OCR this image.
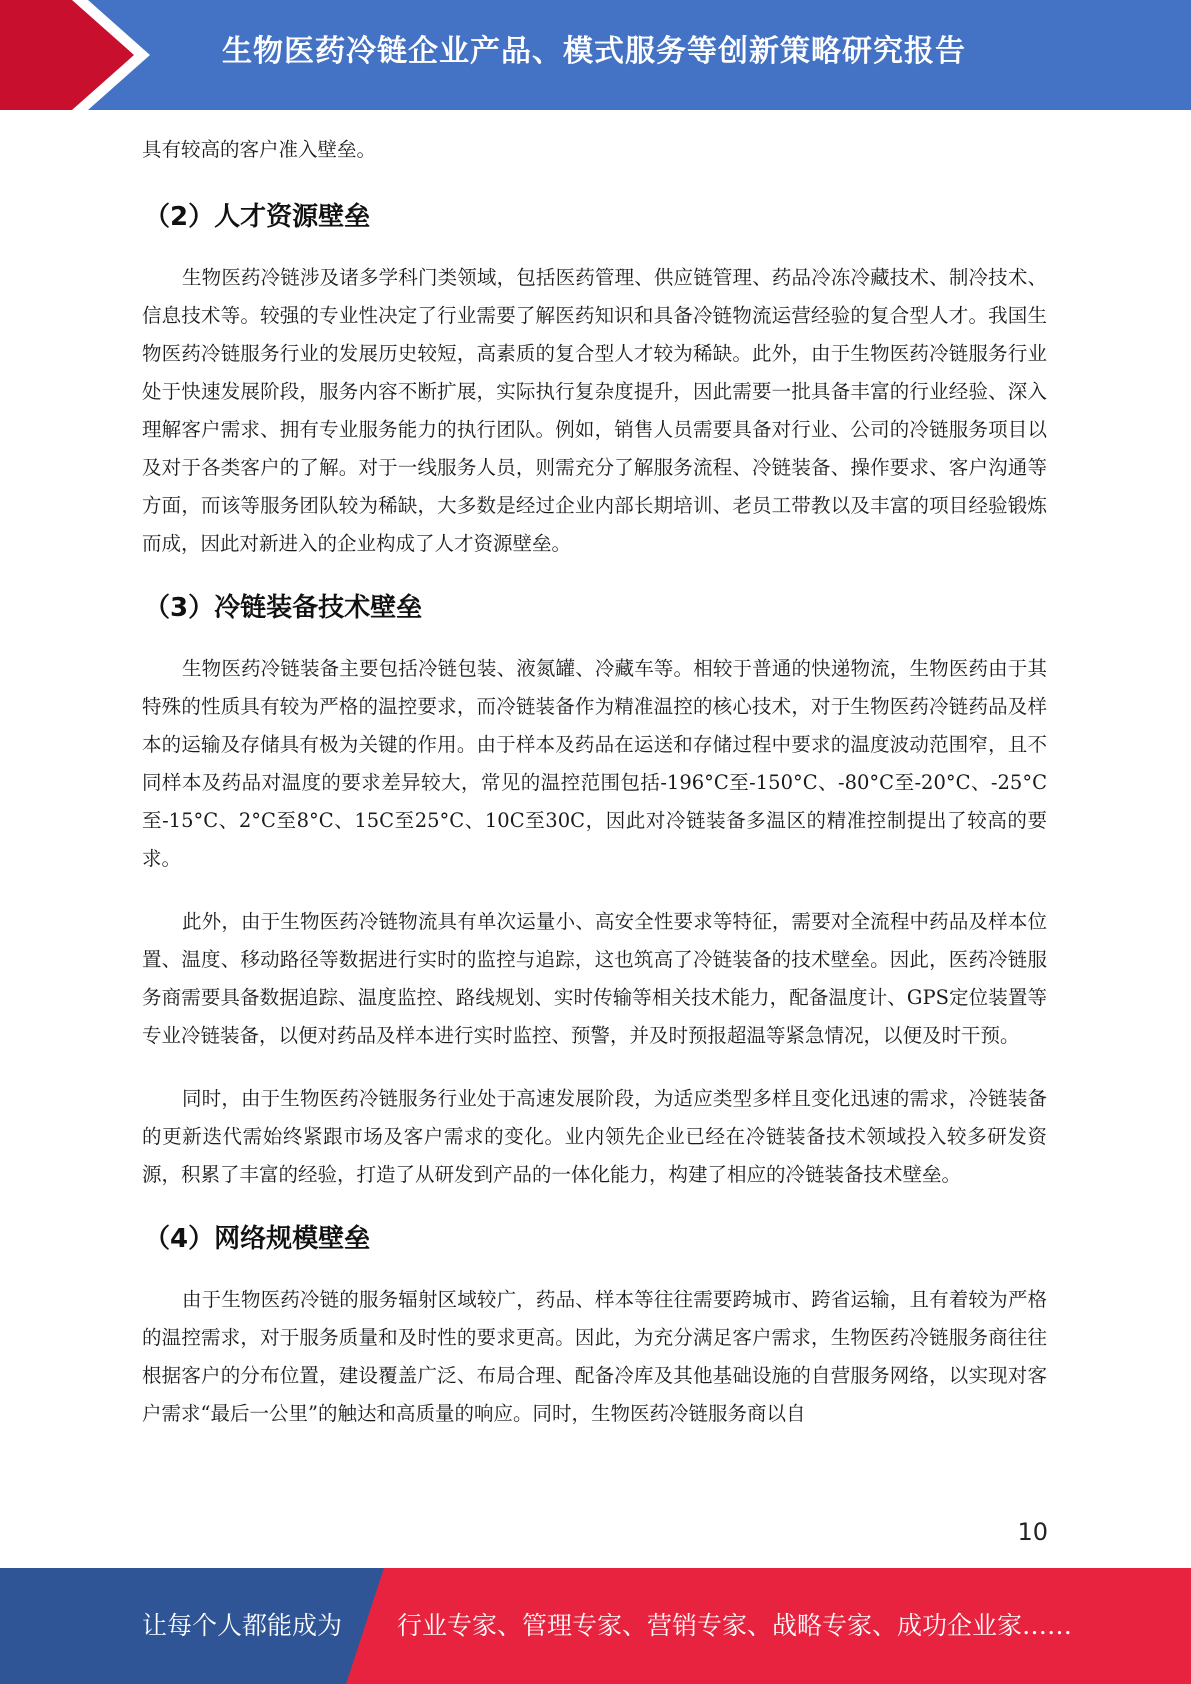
生物医药冷链企业产品、模式服务等创新策略研究报告

具有较高的客户准入壁垒。

（2）人才资源壁垒

生物医药冷链涉及诸多学科门类领域，包括医药管理、供应链管理、药品冷冻冷藏技术、制冷技术、信息技术等。较强的专业性决定了行业需要了解医药知识和具备冷链物流运营经验的复合型人才。我国生物医药冷链服务行业的发展历史较短，高素质的复合型人才较为稀缺。此外，由于生物医药冷链服务行业处于快速发展阶段，服务内容不断扩展，实际执行复杂度提升，因此需要一批具备丰富的行业经验、深入理解客户需求、拥有专业服务能力的执行团队。例如，销售人员需要具备对行业、公司的冷链服务项目以及对于各类客户的了解。对于一线服务人员，则需充分了解服务流程、冷链装备、操作要求、客户沟通等方面，而该等服务团队较为稀缺，大多数是经过企业内部长期培训、老员工带教以及丰富的项目经验锻炼而成，因此对新进入的企业构成了人才资源壁垒。

（3）冷链装备技术壁垒

生物医药冷链装备主要包括冷链包装、液氮罐、冷藏车等。相较于普通的快递物流，生物医药由于其特殊的性质具有较为严格的温控要求，而冷链装备作为精准温控的核心技术，对于生物医药冷链药品及样本的运输及存储具有极为关键的作用。由于样本及药品在运送和存储过程中要求的温度波动范围窄，且不同样本及药品对温度的要求差异较大，常见的温控范围包括-196°C至-150°C、-80°C至-20°C、-25°C至-15°C、2°C至8°C、15C至25°C、10C至30C，因此对冷链装备多温区的精准控制提出了较高的要求。

此外，由于生物医药冷链物流具有单次运量小、高安全性要求等特征，需要对全流程中药品及样本位置、温度、移动路径等数据进行实时的监控与追踪，这也筑高了冷链装备的技术壁垒。因此，医药冷链服务商需要具备数据追踪、温度监控、路线规划、实时传输等相关技术能力，配备温度计、GPS定位装置等专业冷链装备，以便对药品及样本进行实时监控、预警，并及时预报超温等紧急情况，以便及时干预。

同时，由于生物医药冷链服务行业处于高速发展阶段，为适应类型多样且变化迅速的需求，冷链装备的更新迭代需始终紧跟市场及客户需求的变化。业内领先企业已经在冷链装备技术领域投入较多研发资源，积累了丰富的经验，打造了从研发到产品的一体化能力，构建了相应的冷链装备技术壁垒。

（4）网络规模壁垒

由于生物医药冷链的服务辐射区域较广，药品、样本等往往需要跨城市、跨省运输，且有着较为严格的温控需求，对于服务质量和及时性的要求更高。因此，为充分满足客户需求，生物医药冷链服务商往往根据客户的分布位置，建设覆盖广泛、布局合理、配备冷库及其他基础设施的自营服务网络，以实现对客户需求“最后一公里”的触达和高质量的响应。同时，生物医药冷链服务商以自

10
让每个人都能成为 行业专家、管理专家、营销专家、战略专家、成功企业家……
